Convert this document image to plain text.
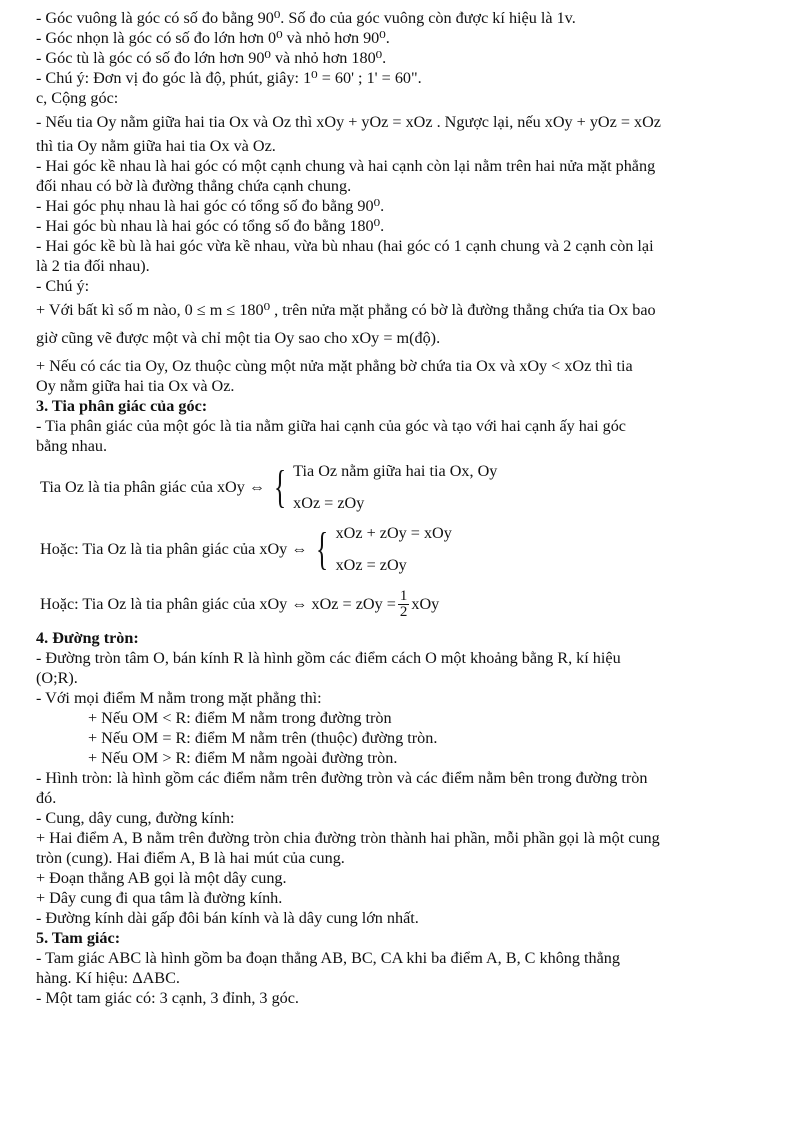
- Góc vuông là góc có số đo bằng 90⁰. Số đo của góc vuông còn được kí hiệu là 1v.

- Góc nhọn là góc có số đo lớn hơn 0⁰ và nhỏ hơn 90⁰.

- Góc tù là góc có số đo lớn hơn 90⁰ và nhỏ hơn 180⁰.

- Chú ý: Đơn vị đo góc là độ, phút, giây: 1⁰ = 60' ; 1' = 60".

c, Cộng góc:

- Nếu tia Oy nằm giữa hai tia Ox và Oz thì xOy + yOz = xOz . Ngược lại, nếu xOy + yOz = xOz

thì tia Oy nằm giữa hai tia Ox và Oz.

- Hai góc kề nhau là hai góc có một cạnh chung và hai cạnh còn lại nằm trên hai nửa mặt phẳng

đối nhau có bờ là đường thẳng chứa cạnh chung.

- Hai góc phụ nhau là hai góc có tổng số đo bằng 90⁰.

- Hai góc bù nhau là hai góc có tổng số đo bằng 180⁰.

- Hai góc kề bù là hai góc vừa kề nhau, vừa bù nhau (hai góc có 1 cạnh chung và 2 cạnh còn lại

là 2 tia đối nhau).

- Chú ý:

+ Với bất kì số m nào, 0 ≤ m ≤ 180⁰ , trên nửa mặt phẳng có bờ là đường thẳng chứa tia Ox bao

giờ cũng vẽ được một và chỉ một tia Oy sao cho xOy = m(độ).

+ Nếu có các tia Oy, Oz thuộc cùng một nửa mặt phẳng bờ chứa tia Ox và xOy < xOz thì tia

Oy nằm giữa hai tia Ox và Oz.

3. Tia phân giác của góc:

- Tia phân giác của một góc là tia nằm giữa hai cạnh của góc và tạo với hai cạnh ấy hai góc

bằng nhau.

Tia Oz là tia phân giác của xOy ⇔ { Tia Oz nằm giữa hai tia Ox, Oy
xOz = zOy
Hoặc: Tia Oz là tia phân giác của xOy ⇔ { xOz + zOy = xOy
xOz = zOy
Hoặc: Tia Oz là tia phân giác của xOy ⇔ xOz = zOy = $\frac{1}{2}$ xOy

4. Đường tròn:

- Đường tròn tâm O, bán kính R là hình gồm các điểm cách O một khoảng bằng R, kí hiệu

(O;R).

- Với mọi điểm M nằm trong mặt phẳng thì:

+ Nếu OM < R: điểm M nằm trong đường tròn

+ Nếu OM = R: điểm M nằm trên (thuộc) đường tròn.

+ Nếu OM > R: điểm M nằm ngoài đường tròn.

- Hình tròn: là hình gồm các điểm nằm trên đường tròn và các điểm nằm bên trong đường tròn

đó.

- Cung, dây cung, đường kính:

+ Hai điểm A, B nằm trên đường tròn chia đường tròn thành hai phần, mỗi phần gọi là một cung

tròn (cung). Hai điểm A, B là hai mút của cung.

+ Đoạn thẳng AB gọi là một dây cung.

+ Dây cung đi qua tâm là đường kính.

- Đường kính dài gấp đôi bán kính và là dây cung lớn nhất.

5. Tam giác:

- Tam giác ABC là hình gồm ba đoạn thẳng AB, BC, CA khi ba điểm A, B, C không thẳng

hàng. Kí hiệu: ΔABC.

- Một tam giác có: 3 cạnh, 3 đỉnh, 3 góc.
